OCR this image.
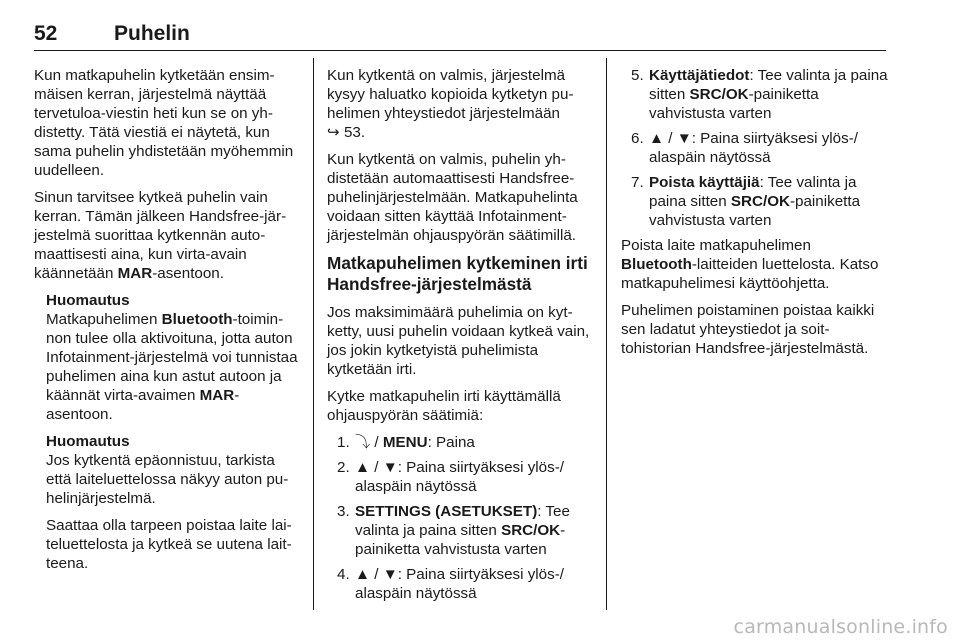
52	Puhelin

Kun matkapuhelin kytketään ensimmäisen kerran, järjestelmä näyttää tervetuloa-viestin heti kun se on yhdistetty. Tätä viestiä ei näytetä, kun sama puhelin yhdistetään myöhemmin uudelleen.

Sinun tarvitsee kytkeä puhelin vain kerran. Tämän jälkeen Handsfree-järjestelmä suorittaa kytkennän automaattisesti aina, kun virta-avain käännetään MAR-asentoon.

Huomautus

Matkapuhelimen Bluetooth-toiminnon tulee olla aktivoituna, jotta auton Infotainment-järjestelmä voi tunnistaa puhelimen aina kun astut autoon ja käännät virta-avaimen MAR-asentoon.

Huomautus

Jos kytkentä epäonnistuu, tarkista että laiteluettelossa näkyy auton puhelinjärjestelmä.

Saattaa olla tarpeen poistaa laite laiteluettelosta ja kytkeä se uutena laitteena.

Kun kytkentä on valmis, järjestelmä kysyy haluatko kopioida kytketyn puhelimen yhteystiedot järjestelmään
↪ 53.

Kun kytkentä on valmis, puhelin yhdistetään automaattisesti Handsfree-puhelinjärjestelmään. Matkapuhelinta voidaan sitten käyttää Infotainment-järjestelmän ohjauspyörän säätimillä.

Matkapuhelimen kytkeminen irti Handsfree-järjestelmästä

Jos maksimimäärä puhelimia on kytketty, uusi puhelin voidaan kytkeä vain, jos jokin kytketyistä puhelimista kytketään irti.

Kytke matkapuhelin irti käyttämällä ohjauspyörän säätimiä:

1. ⤵ / MENU: Paina
2. ▲ / ▼: Paina siirtyäksesi ylös-/ alaspäin näytössä
3. SETTINGS (ASETUKSET): Tee valinta ja paina sitten SRC/OK-painiketta vahvistusta varten
4. ▲ / ▼: Paina siirtyäksesi ylös-/ alaspäin näytössä
5. Käyttäjätiedot: Tee valinta ja paina sitten SRC/OK-painiketta vahvistusta varten
6. ▲ / ▼: Paina siirtyäksesi ylös-/ alaspäin näytössä
7. Poista käyttäjiä: Tee valinta ja paina sitten SRC/OK-painiketta vahvistusta varten

Poista laite matkapuhelimen Bluetooth-laitteiden luettelosta. Katso matkapuhelimesi käyttöohjetta.

Puhelimen poistaminen poistaa kaikki sen ladatut yhteystiedot ja soittohistorian Handsfree-järjestelmästä.

carmanualsonline.info
